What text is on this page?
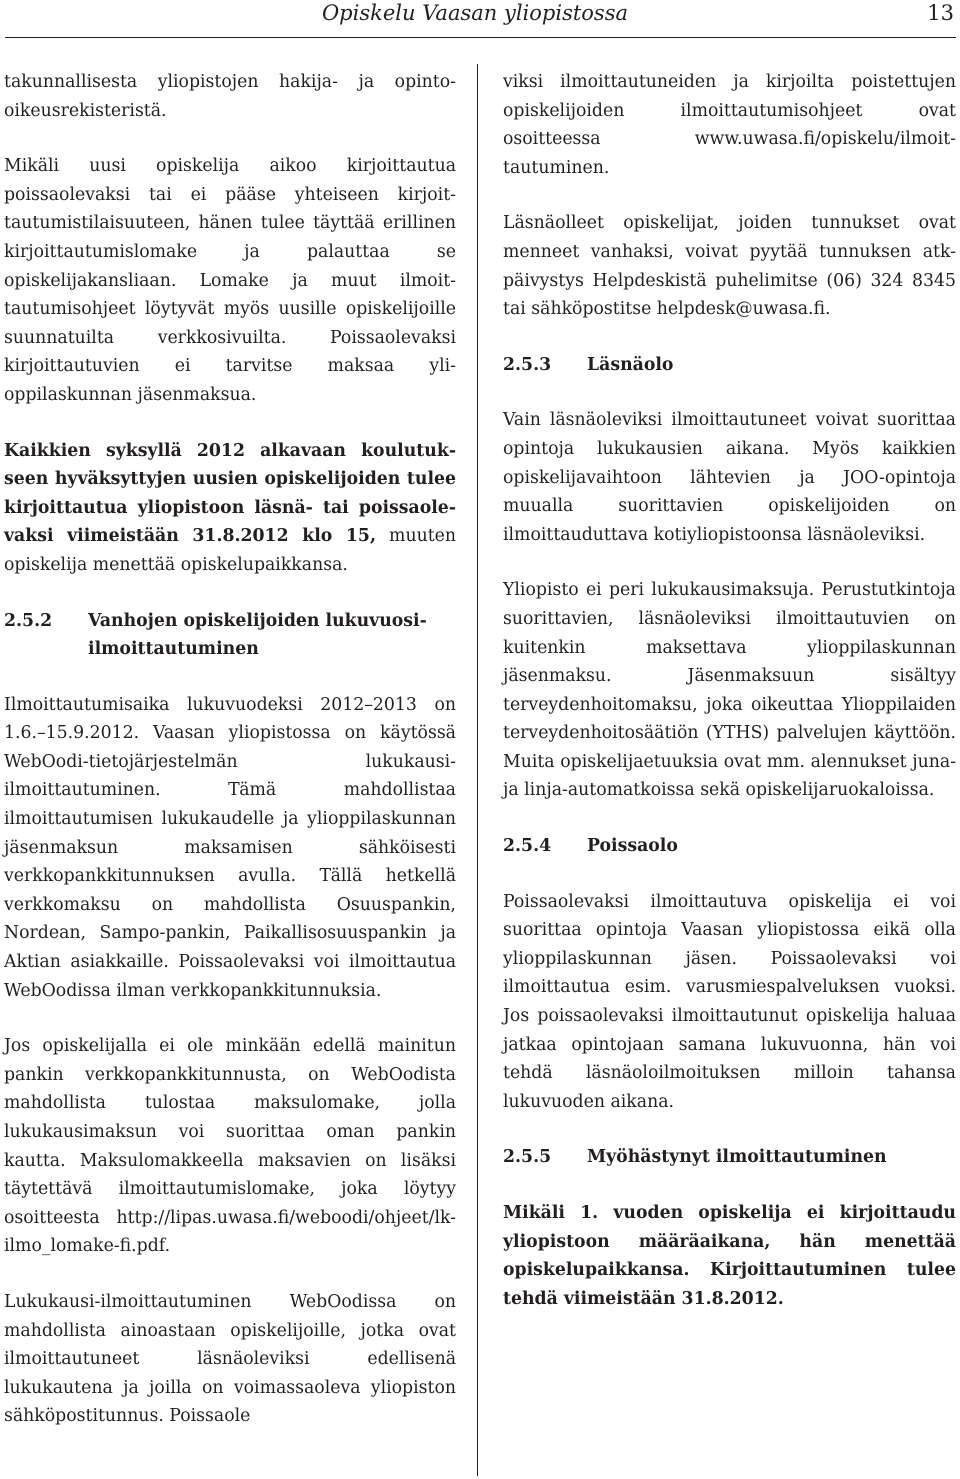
Opiskelu Vaasan yliopistossa	13

takunnallisesta yliopistojen hakija- ja opintooikeusrekisteristä.

Mikäli uusi opiskelija aikoo kirjoittautua poissaolevaksi tai ei pääse yhteiseen kirjoittautumistilaisuuteen, hänen tulee täyttää erillinen kirjoittautumislomake ja palauttaa se opiskelijakansliaan. Lomake ja muut ilmoittautumisohjeet löytyvät myös uusille opiskelijoille suunnatuilta verkkosivuilta. Poissaolevaksi kirjoittautuvien ei tarvitse maksaa ylioppilaskunnan jäsenmaksua.

Kaikkien syksyllä 2012 alkavaan koulutukseen hyväksyttyjen uusien opiskelijoiden tulee kirjoittautua yliopistoon läsnä- tai poissaolevaksi viimeistään 31.8.2012 klo 15, muuten opiskelija menettää opiskelupaikkansa.

2.5.2	Vanhojen opiskelijoiden lukuvuosi-ilmoittautuminen

Ilmoittautumisaika lukuvuodeksi 2012–2013 on 1.6.–15.9.2012. Vaasan yliopistossa on käytössä WebOodi-tietojärjestelmän lukukausi-ilmoittautuminen. Tämä mahdollistaa ilmoittautumisen lukukaudelle ja ylioppilaskunnan jäsenmaksun maksamisen sähköisesti verkkopankkitunnuksen avulla. Tällä hetkellä verkkomaksu on mahdollista Osuuspankin, Nordean, Sampo-pankin, Paikallisosuuspankin ja Aktian asiakkaille. Poissaolevaksi voi ilmoittautua WebOodissa ilman verkkopankkitunnuksia.

Jos opiskelijalla ei ole minkään edellä mainitun pankin verkkopankkitunnusta, on WebOodista mahdollista tulostaa maksulomake, jolla lukukausimaksun voi suorittaa oman pankin kautta. Maksulomakkeella maksavien on lisäksi täytettävä ilmoittautumislomake, joka löytyy osoitteesta http://lipas.uwasa.fi/weboodi/ohjeet/lk-ilmo_lomake-fi.pdf.

Lukukausi-ilmoittautuminen WebOodissa on mahdollista ainoastaan opiskelijoille, jotka ovat ilmoittautuneet läsnäoleviksi edellisenä lukukautena ja joilla on voimassaoleva yliopiston sähköpostitunnus. Poissaole

viksi ilmoittautuneiden ja kirjoilta poistettujen opiskelijoiden ilmoittautumisohjeet ovat osoitteessa www.uwasa.fi/opiskelu/ilmoittautuminen.

Läsnäolleet opiskelijat, joiden tunnukset ovat menneet vanhaksi, voivat pyytää tunnuksen atk-päivystys Helpdeskistä puhelimitse (06) 324 8345 tai sähköpostitse helpdesk@uwasa.fi.

2.5.3	Läsnäolo

Vain läsnäoleviksi ilmoittautuneet voivat suorittaa opintoja lukukausien aikana. Myös kaikkien opiskelijavaihtoon lähtevien ja JOO-opintoja muualla suorittavien opiskelijoiden on ilmoittauduttava kotiyliopistoonsa läsnäoleviksi.

Yliopisto ei peri lukukausimaksuja. Perustutkintoja suorittavien, läsnäoleviksi ilmoittautuvien on kuitenkin maksettava ylioppilaskunnan jäsenmaksu. Jäsenmaksuun sisältyy terveydenhoitomaksu, joka oikeuttaa Ylioppilaiden terveydenhoitosäätiön (YTHS) palvelujen käyttöön. Muita opiskelijaetuuksia ovat mm. alennukset juna- ja linja-automatkoissa sekä opiskelijaruokaloissa.

2.5.4	Poissaolo

Poissaolevaksi ilmoittautuva opiskelija ei voi suorittaa opintoja Vaasan yliopistossa eikä olla ylioppilaskunnan jäsen. Poissaolevaksi voi ilmoittautua esim. varusmiespalveluksen vuoksi. Jos poissaolevaksi ilmoittautunut opiskelija haluaa jatkaa opintojaan samana lukuvuonna, hän voi tehdä läsnäoloilmoituksen milloin tahansa lukuvuoden aikana.

2.5.5	Myöhästynyt ilmoittautuminen

Mikäli 1. vuoden opiskelija ei kirjoittaudu yliopistoon määräaikana, hän menettää opiskelupaikkansa. Kirjoittautuminen tulee tehdä viimeistään 31.8.2012.
